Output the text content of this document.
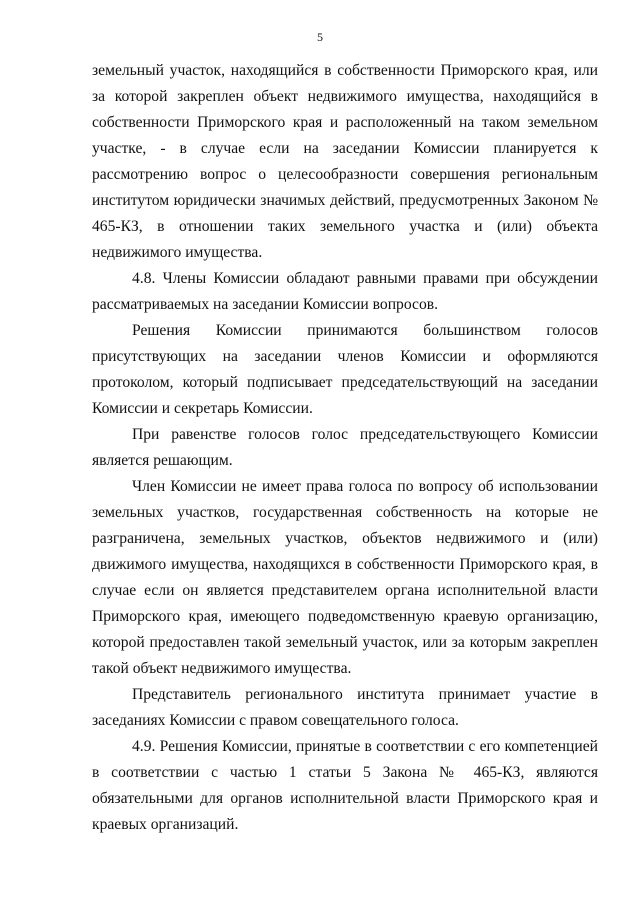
5

земельный участок, находящийся в собственности Приморского края, или за которой закреплен объект недвижимого имущества, находящийся в собственности Приморского края и расположенный на таком земельном участке, - в случае если на заседании Комиссии планируется к рассмотрению вопрос о целесообразности совершения региональным институтом юридически значимых действий, предусмотренных Законом № 465-КЗ, в отношении таких земельного участка и (или) объекта недвижимого имущества.

4.8. Члены Комиссии обладают равными правами при обсуждении рассматриваемых на заседании Комиссии вопросов.

Решения Комиссии принимаются большинством голосов присутствующих на заседании членов Комиссии и оформляются протоколом, который подписывает председательствующий на заседании Комиссии и секретарь Комиссии.

При равенстве голосов голос председательствующего Комиссии является решающим.

Член Комиссии не имеет права голоса по вопросу об использовании земельных участков, государственная собственность на которые не разграничена, земельных участков, объектов недвижимого и (или) движимого имущества, находящихся в собственности Приморского края, в случае если он является представителем органа исполнительной власти Приморского края, имеющего подведомственную краевую организацию, которой предоставлен такой земельный участок, или за которым закреплен такой объект недвижимого имущества.

Представитель регионального института принимает участие в заседаниях Комиссии с правом совещательного голоса.

4.9. Решения Комиссии, принятые в соответствии с его компетенцией в соответствии с частью 1 статьи 5 Закона № 465-КЗ, являются обязательными для органов исполнительной власти Приморского края и краевых организаций.
